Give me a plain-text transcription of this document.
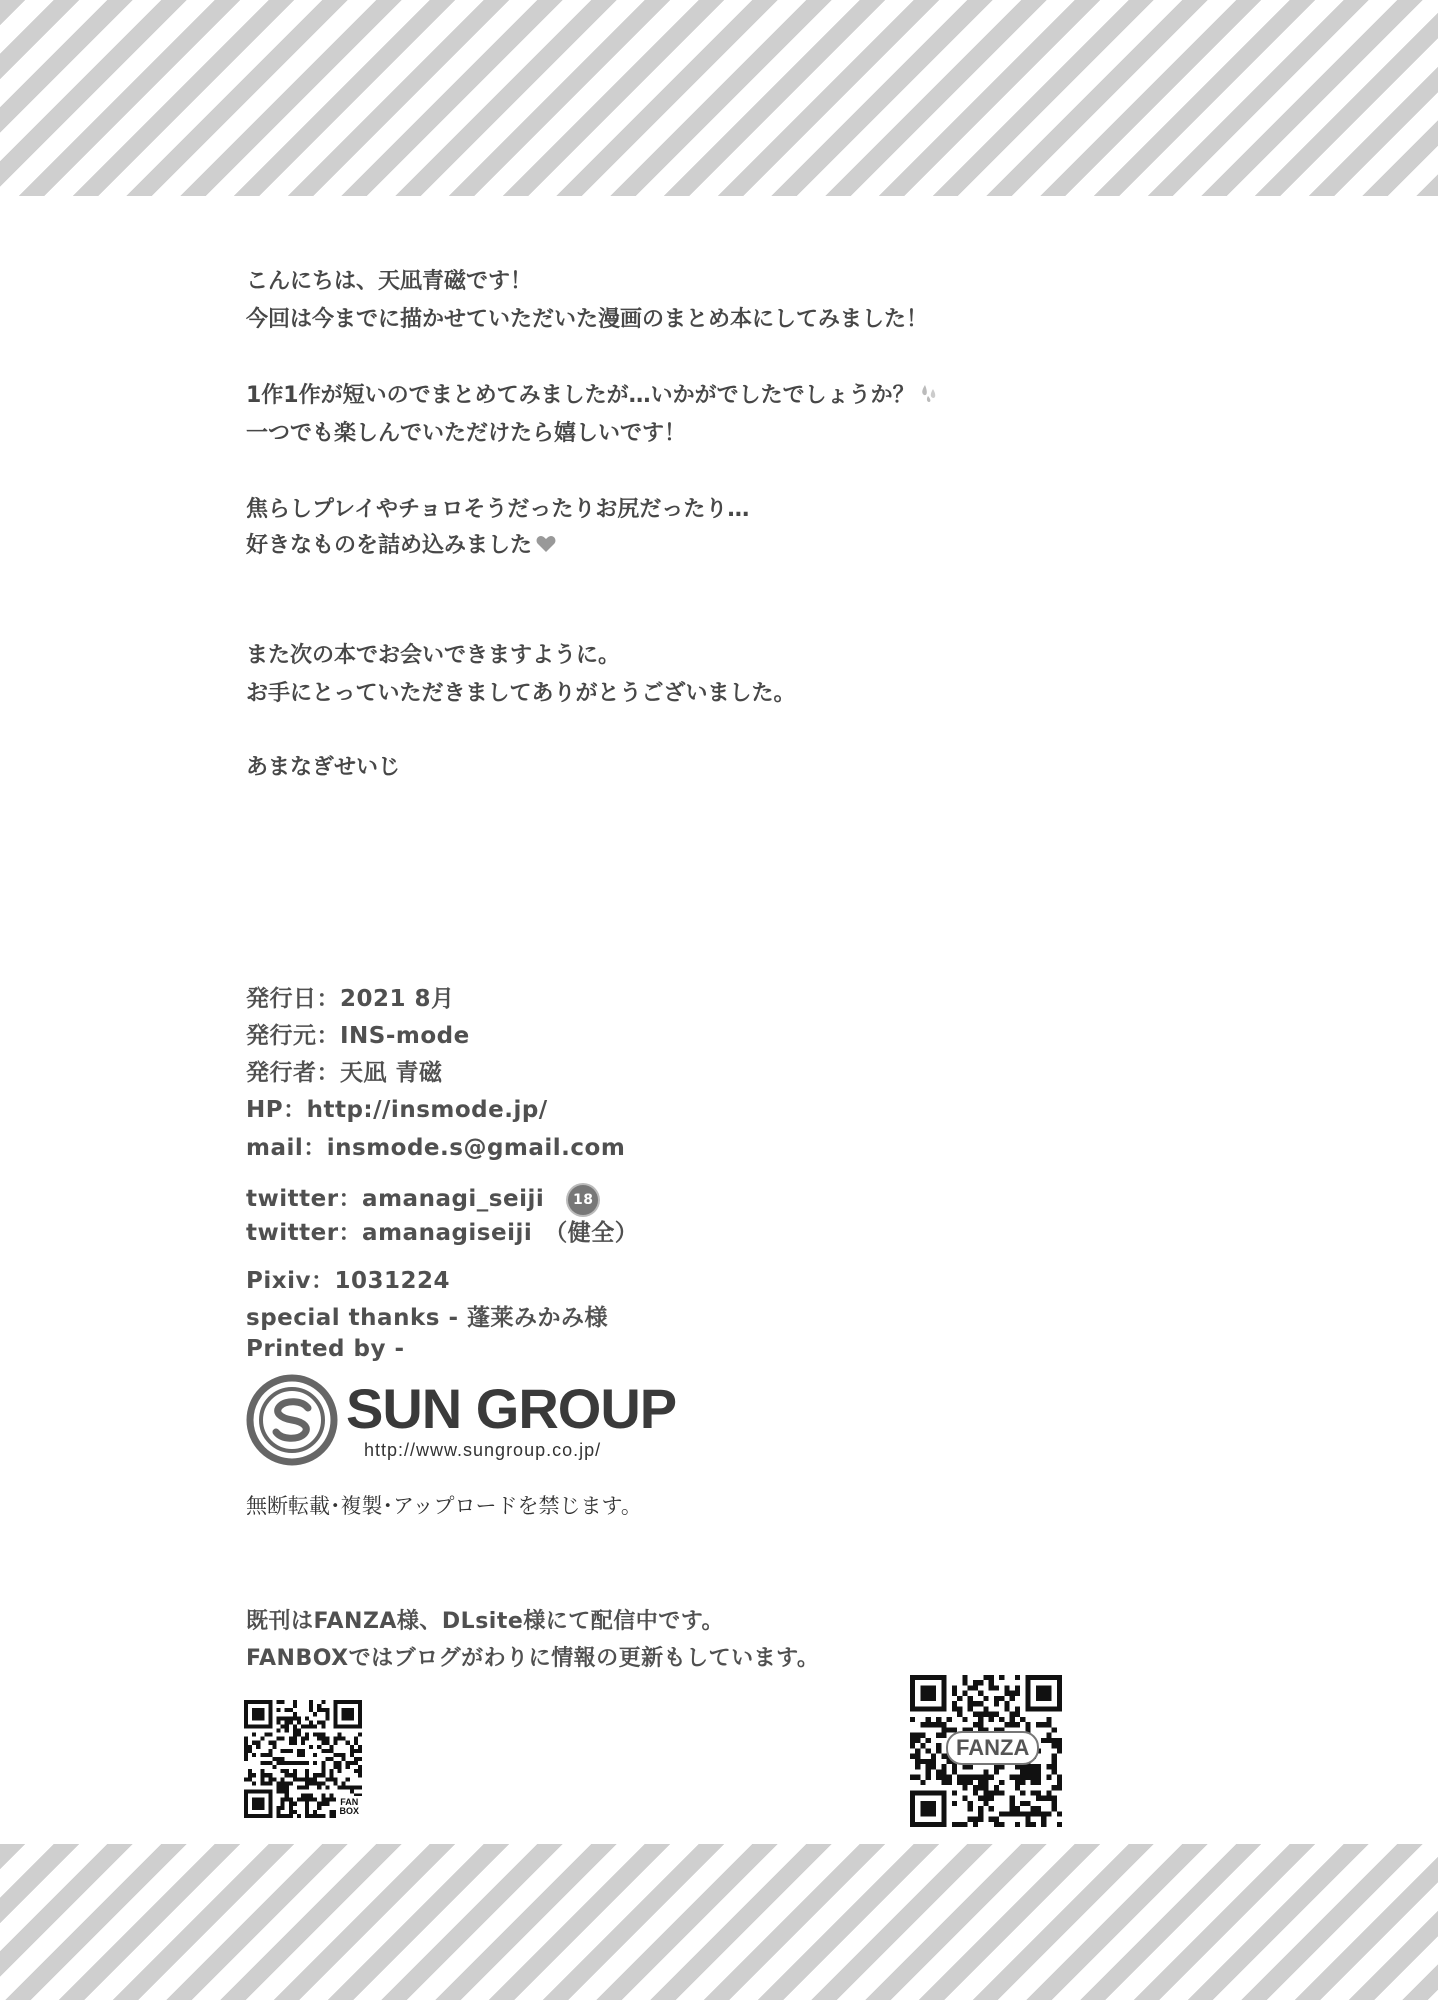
こんにちは、天凪青磁です！
今回は今までに描かせていただいた漫画のまとめ本にしてみました！
1作1作が短いのでまとめてみましたが…いかがでしたでしょうか？
一つでも楽しんでいただけたら嬉しいです！
焦らしプレイやチョロそうだったりお尻だったり…
好きなものを詰め込みました
また次の本でお会いできますように。
お手にとっていただきましてありがとうございました。
あまなぎせいじ
発行日：2021 8月
発行元：INS-mode
発行者：天凪 青磁
HP：http://insmode.jp/
mail：insmode.s@gmail.com
twitter：amanagi_seiji 18
twitter：amanagiseiji　（健全）
Pixiv：1031224
special thanks - 蓬莱みかみ様
Printed by -
SUN GROUP
http://www.sungroup.co.jp/
無断転載･複製･アップロードを禁じます。
既刊はFANZA様、DLsite様にて配信中です。
FANBOXではブログがわりに情報の更新もしています。
FAN
BOX
FANZA
